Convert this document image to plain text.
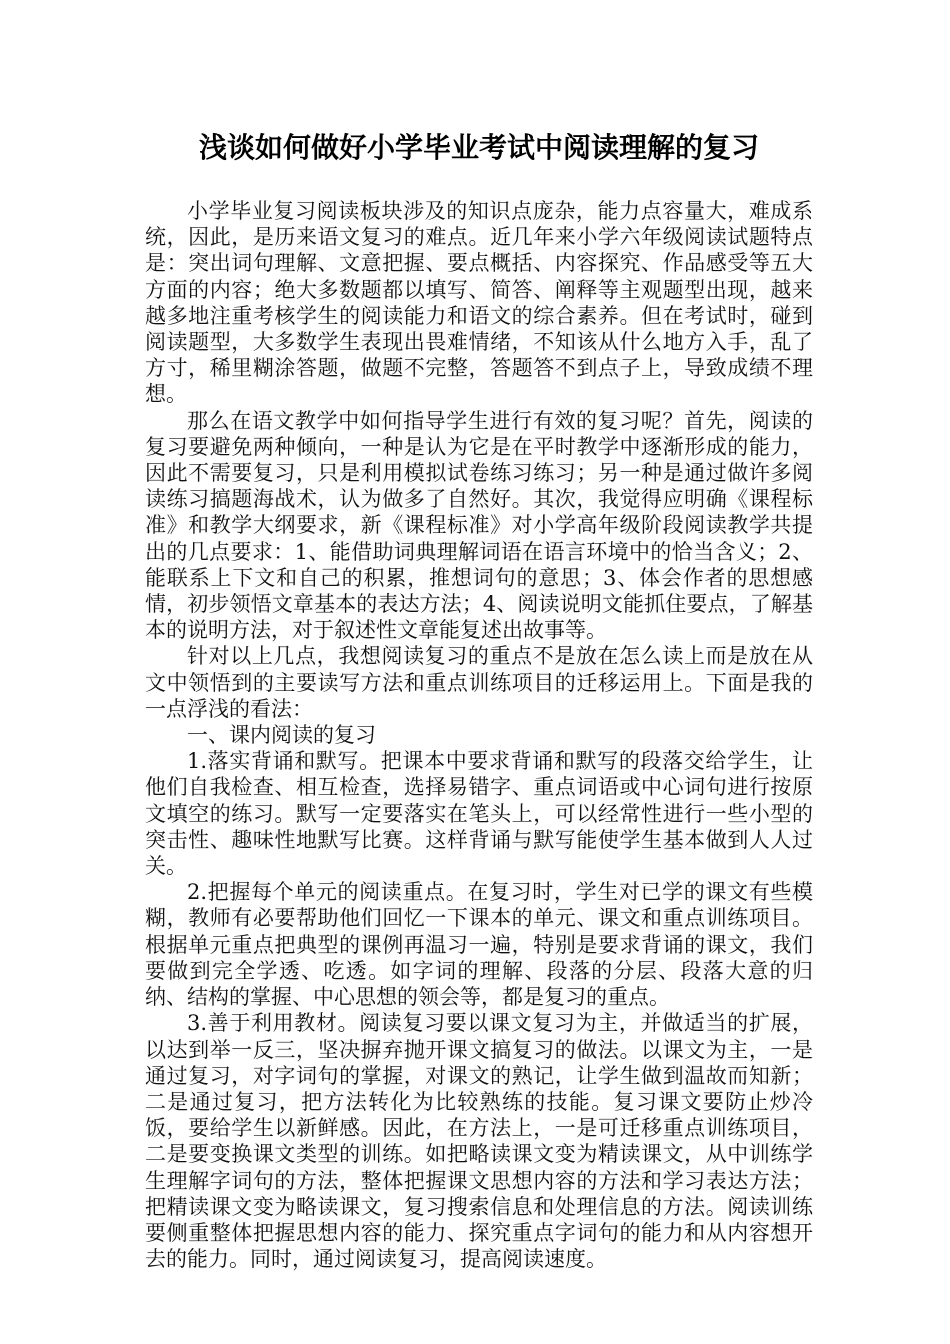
浅谈如何做好小学毕业考试中阅读理解的复习

小学毕业复习阅读板块涉及的知识点庞杂，能力点容量大，难成系统，因此，是历来语文复习的难点。近几年来小学六年级阅读试题特点是：突出词句理解、文意把握、要点概括、内容探究、作品感受等五大方面的内容；绝大多数题都以填写、简答、阐释等主观题型出现，越来越多地注重考核学生的阅读能力和语文的综合素养。但在考试时，碰到阅读题型，大多数学生表现出畏难情绪，不知该从什么地方入手，乱了方寸，稀里糊涂答题，做题不完整，答题答不到点子上，导致成绩不理想。

那么在语文教学中如何指导学生进行有效的复习呢？首先，阅读的复习要避免两种倾向，一种是认为它是在平时教学中逐渐形成的能力，因此不需要复习，只是利用模拟试卷练习练习；另一种是通过做许多阅读练习搞题海战术，认为做多了自然好。其次，我觉得应明确《课程标准》和教学大纲要求，新《课程标准》对小学高年级阶段阅读教学共提出的几点要求：1、能借助词典理解词语在语言环境中的恰当含义；2、能联系上下文和自己的积累，推想词句的意思；3、体会作者的思想感情，初步领悟文章基本的表达方法；4、阅读说明文能抓住要点，了解基本的说明方法，对于叙述性文章能复述出故事等。

针对以上几点，我想阅读复习的重点不是放在怎么读上而是放在从文中领悟到的主要读写方法和重点训练项目的迁移运用上。下面是我的一点浮浅的看法：

一、课内阅读的复习

1.落实背诵和默写。把课本中要求背诵和默写的段落交给学生，让他们自我检查、相互检查，选择易错字、重点词语或中心词句进行按原文填空的练习。默写一定要落实在笔头上，可以经常性进行一些小型的突击性、趣味性地默写比赛。这样背诵与默写能使学生基本做到人人过关。

2.把握每个单元的阅读重点。在复习时，学生对已学的课文有些模糊，教师有必要帮助他们回忆一下课本的单元、课文和重点训练项目。根据单元重点把典型的课例再温习一遍，特别是要求背诵的课文，我们要做到完全学透、吃透。如字词的理解、段落的分层、段落大意的归纳、结构的掌握、中心思想的领会等，都是复习的重点。

3.善于利用教材。阅读复习要以课文复习为主，并做适当的扩展，以达到举一反三，坚决摒弃抛开课文搞复习的做法。以课文为主，一是通过复习，对字词句的掌握，对课文的熟记，让学生做到温故而知新；二是通过复习，把方法转化为比较熟练的技能。复习课文要防止炒冷饭，要给学生以新鲜感。因此，在方法上，一是可迁移重点训练项目，二是要变换课文类型的训练。如把略读课文变为精读课文，从中训练学生理解字词句的方法，整体把握课文思想内容的方法和学习表达方法；把精读课文变为略读课文，复习搜索信息和处理信息的方法。阅读训练要侧重整体把握思想内容的能力、探究重点字词句的能力和从内容想开去的能力。同时，通过阅读复习，提高阅读速度。
